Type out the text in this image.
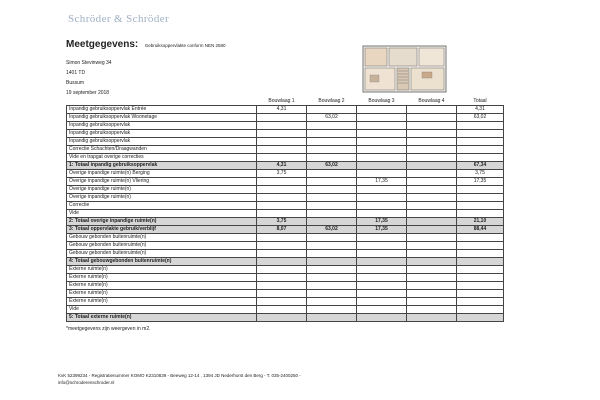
Schröder & Schröder
Meetgegevens: Gebruiksoppervlakte conform NEN 2580
Simon Stevinweg 34
1401 TD
Bussum
19 september 2018
	Bouwlaag 1	Bouwlaag 2	Bouwlaag 3	Bouwlaag 4	Totaal
Inpandig gebruiksoppervlak Entrée	4,31				4,31
Inpandig gebruiksoppervlak Woonetage		63,02			63,02
Inpandig gebruiksoppervlak					
Inpandig gebruiksoppervlak					
Inpandig gebruiksoppervlak					
Correctie Schachten/Draagwanden					
Vide en trapgat overige correcties					
1: Totaal inpandig gebruiksoppervlak	4,31	63,02			67,34
Overige inpandige ruimte(n) Berging	3,75				3,75
Overige inpandige ruimte(n) Vliering			17,35		17,35
Overige inpandige ruimte(n)					
Overige inpandige ruimte(n)					
Correctie					
Vide					
2: Totaal overige inpandige ruimte(n)	3,75		17,35		21,10
3: Totaal oppervlakte gebruik/verblijf	8,07	63,02	17,35		88,44
Gebouw gebonden buitenruimte(n)					
Gebouw gebonden buitenruimte(n)					
Gebouw gebonden buitenruimte(n)					
4: Totaal gebouwgebonden buitenruimte(n)					
Externe ruimte(n)					
Externe ruimte(n)					
Externe ruimte(n)					
Externe ruimte(n)					
Externe ruimte(n)					
Vide					
5: Totaal externe ruimte(n)					
*meetgegevens zijn weergeven in m2.
KvK 52399234 - Registratienummer KOMO K2310839 - Beeweg 12-14 , 1394 JD Nederhorst den Berg - T. 035-2400250 -
info@schroderenschroder.nl
